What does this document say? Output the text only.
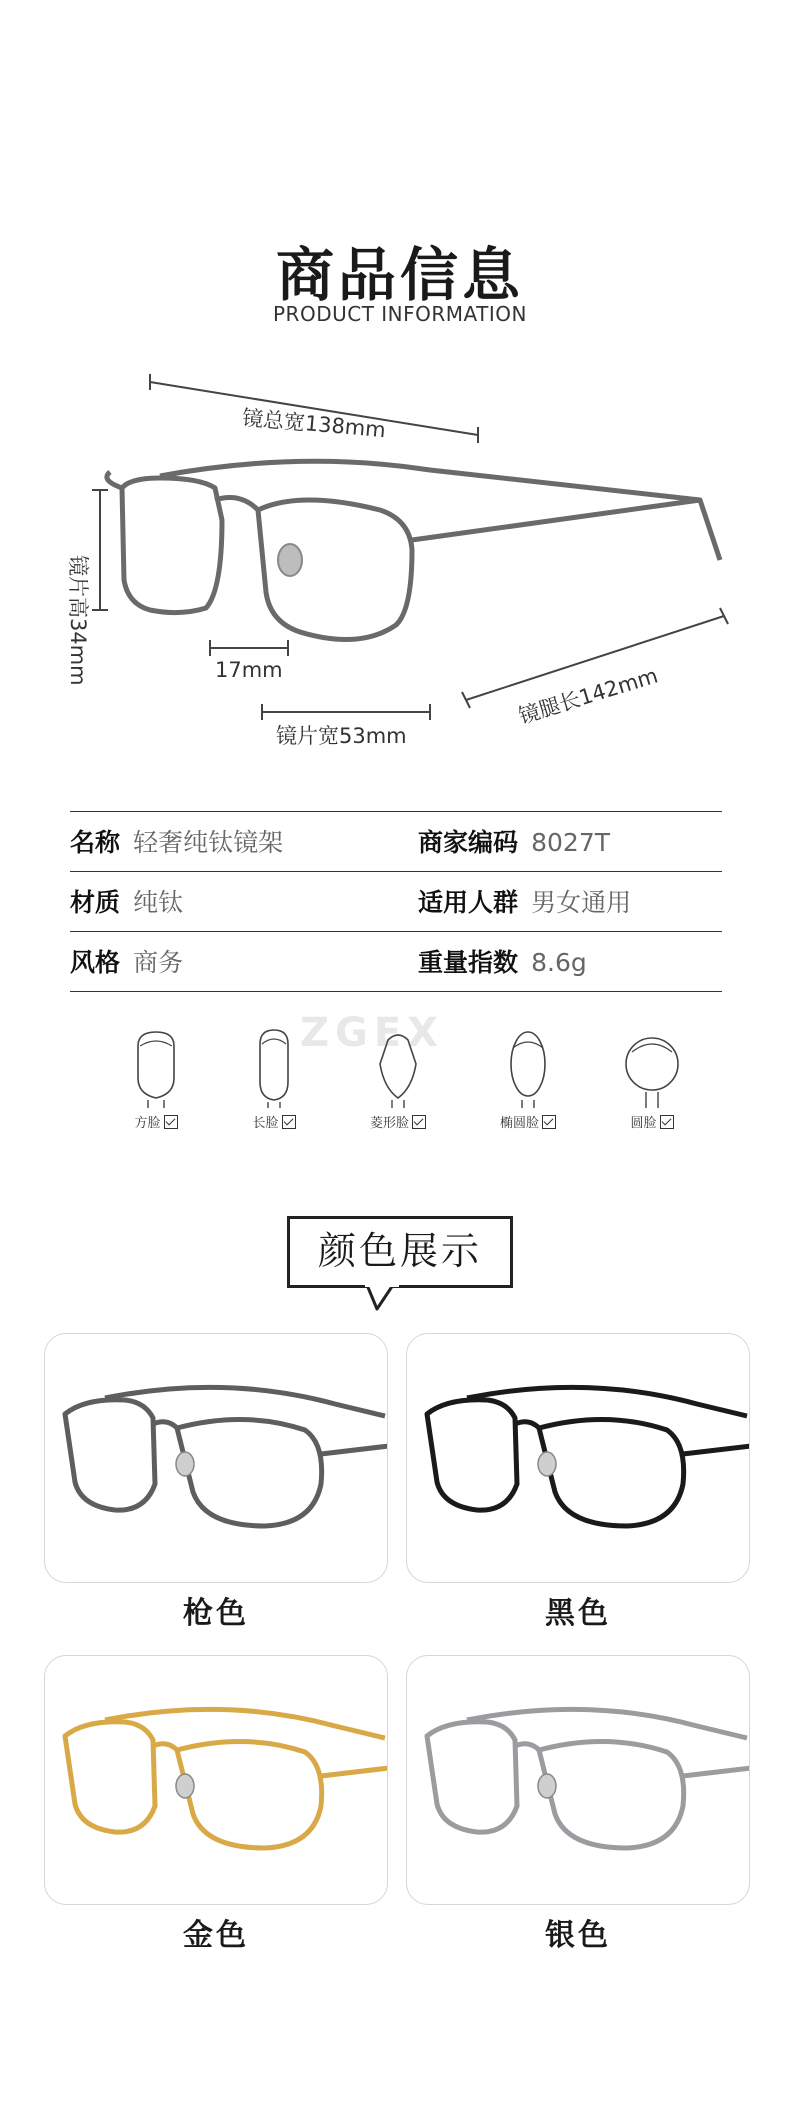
商品信息
PRODUCT INFORMATION
镜总宽138mm
镜片高34mm	17mm
镜片宽53mm
镜腿长142mm
名称 轻奢纯钛镜架	商家编码 8027T
材质 纯钛	适用人群 男女通用
风格 商务	重量指数 8.6g
ZGEX
方脸	长脸	菱形脸	椭圆脸	圆脸
颜色展示
枪色	黑色
金色	银色
